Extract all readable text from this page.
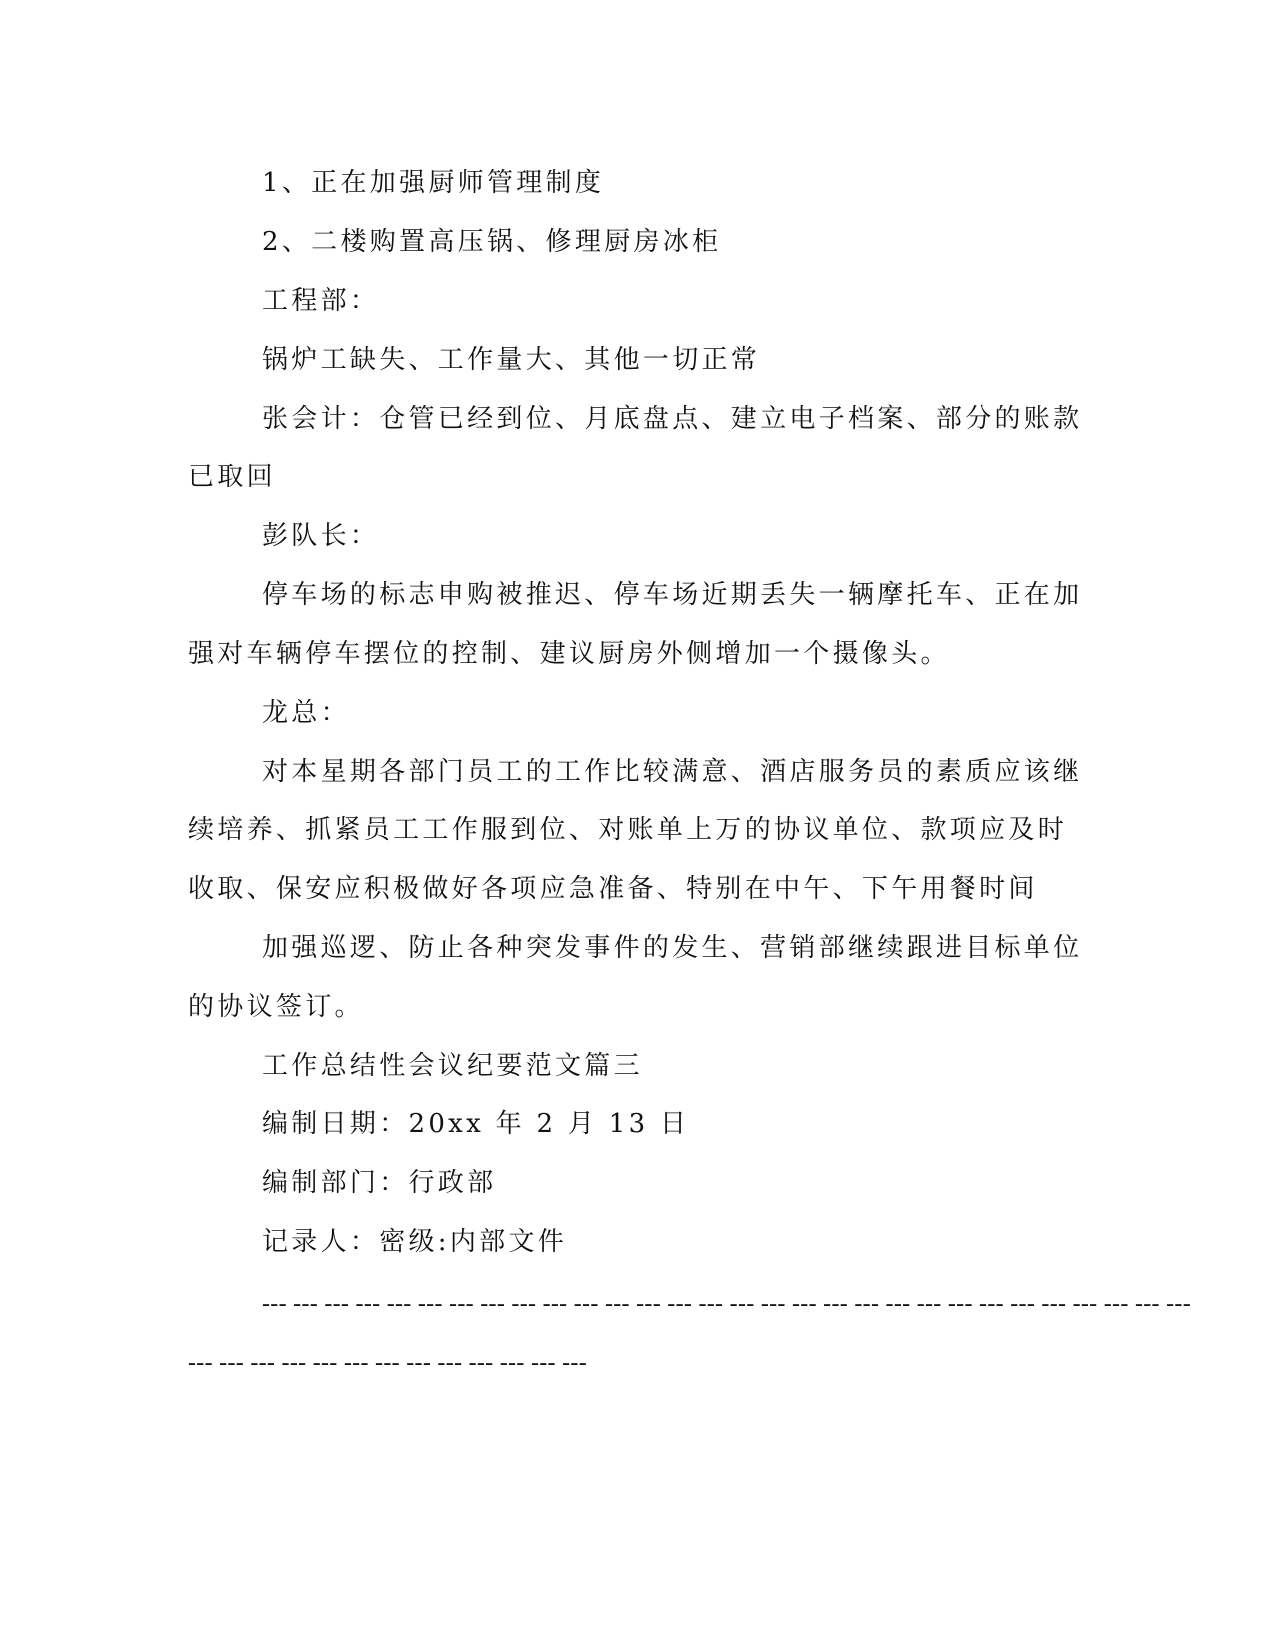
1、正在加强厨师管理制度

2、二楼购置高压锅、修理厨房冰柜

工程部：

锅炉工缺失、工作量大、其他一切正常

张会计：仓管已经到位、月底盘点、建立电子档案、部分的账款

已取回

彭队长：

停车场的标志申购被推迟、停车场近期丢失一辆摩托车、正在加

强对车辆停车摆位的控制、建议厨房外侧增加一个摄像头。

龙总：

对本星期各部门员工的工作比较满意、酒店服务员的素质应该继

续培养、抓紧员工工作服到位、对账单上万的协议单位、款项应及时

收取、保安应积极做好各项应急准备、特别在中午、下午用餐时间

加强巡逻、防止各种突发事件的发生、营销部继续跟进目标单位

的协议签订。

工作总结性会议纪要范文篇三

编制日期：20xx 年 2 月 13 日

编制部门：行政部

记录人：密级:内部文件

--- --- --- --- --- --- --- --- --- --- --- --- --- --- --- --- --- --- --- --- --- --- --- --- --- --- --- --- --- ---

--- --- --- --- --- --- --- --- --- --- --- --- ---
